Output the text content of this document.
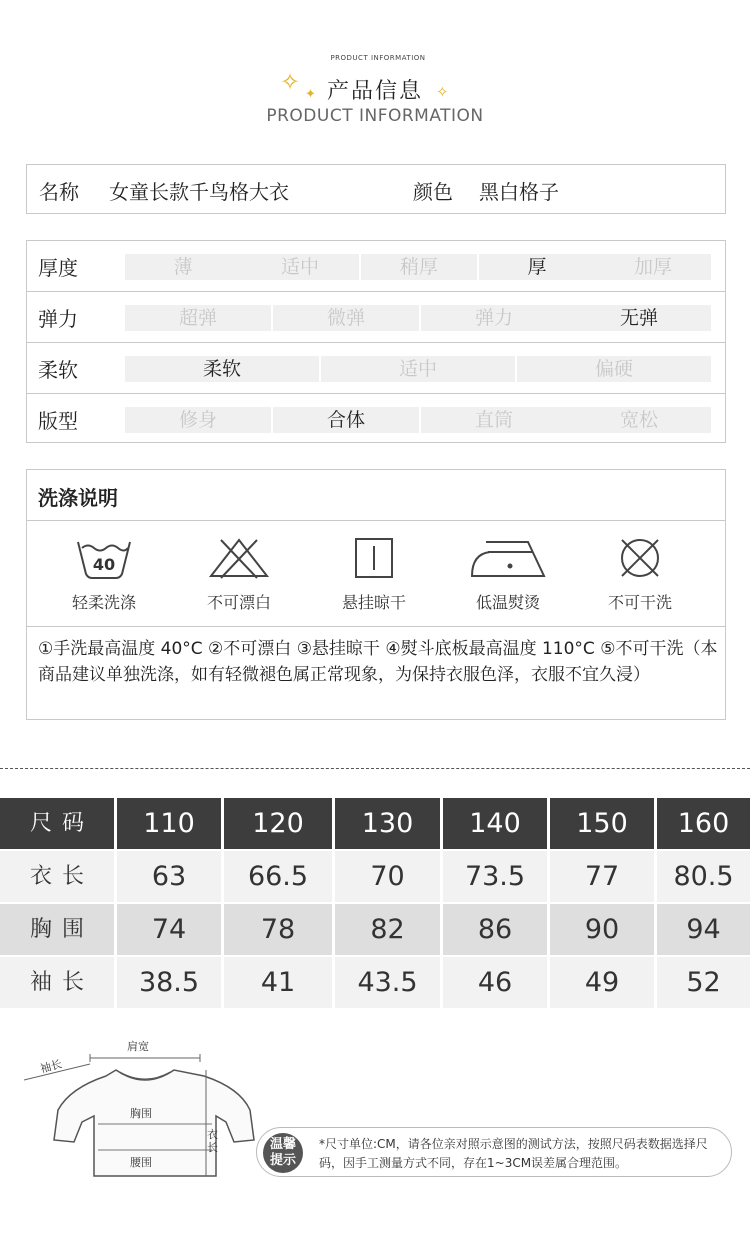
✧ ✦	✧
PRODUCT INFORMATION
产品信息
PRODUCT INFORMATION
名称 女童长款千鸟格大衣	颜色 黑白格子
厚度	薄	适中	稍厚	厚	加厚
弹力	超弹	微弹	弹力	无弹
柔软	柔软	适中	偏硬
版型	修身	合体	直筒	宽松
洗涤说明
40
轻柔洗涤	不可漂白	悬挂晾干	低温熨烫	不可干洗
①手洗最高温度 40°C ②不可漂白 ③悬挂晾干 ④熨斗底板最高温度 110°C ⑤不可干洗（本商品建议单独洗涤，如有轻微褪色属正常现象，为保持衣服色泽，衣服不宜久浸）
尺码	110	120	130	140	150	160
衣长	63	66.5	70	73.5	77	80.5
胸围	74	78	82	86	90	94
袖长	38.5	41	43.5	46	49	52
肩宽
袖长
胸围
衣长
腰围
温馨提示
*尺寸单位:CM，请各位亲对照示意图的测试方法，按照尺码表数据选择尺码，因手工测量方式不同，存在1~3CM误差属合理范围。
